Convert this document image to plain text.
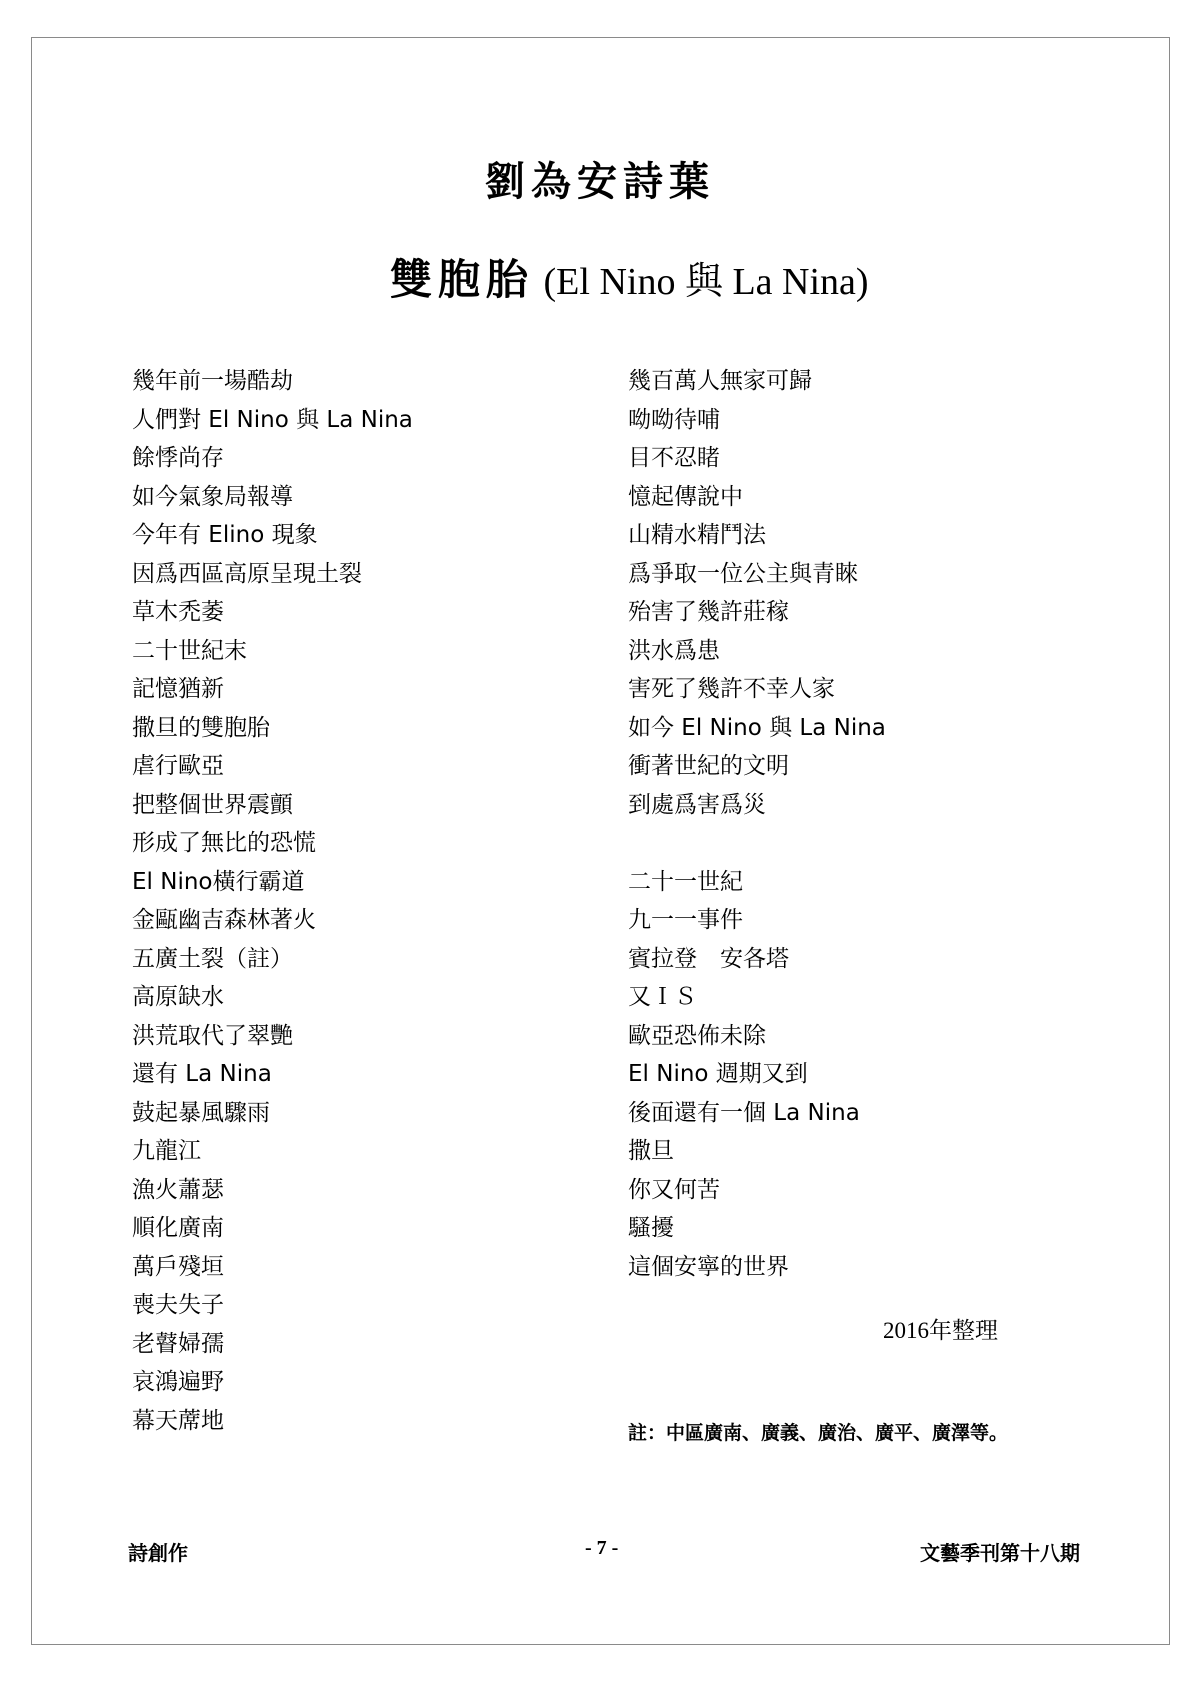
劉為安詩葉
雙胞胎 (El Nino 與 La Nina)
幾年前一場酷劫
人們對 El Nino 與 La Nina
餘悸尚存
如今氣象局報導
今年有 Elino 現象
因爲西區高原呈現土裂
草木禿萎
二十世紀末
記憶猶新
撒旦的雙胞胎
虐行歐亞
把整個世界震顫
形成了無比的恐慌
El Nino橫行霸道
金甌幽吉森林著火
五廣土裂（註）
高原缺水
洪荒取代了翠艷
還有 La Nina
鼓起暴風驟雨
九龍江
漁火蕭瑟
順化廣南
萬戶殘垣
喪夫失子
老瞽婦孺
哀鴻遍野
幕天蓆地
幾百萬人無家可歸
呦呦待哺
目不忍睹
憶起傳說中
山精水精鬥法
爲爭取一位公主與青睞
殆害了幾許莊稼
洪水爲患
害死了幾許不幸人家
如今 El Nino 與 La Nina
衝著世紀的文明
到處爲害爲災
二十一世紀
九一一事件
賓拉登　安各塔
又ＩＳ
歐亞恐佈未除
El Nino 週期又到
後面還有一個 La Nina
撒旦
你又何苦
騷擾
這個安寧的世界
2016年整理
註：中區廣南、廣義、廣治、廣平、廣澤等。
詩創作	- 7 -	文藝季刊第十八期
